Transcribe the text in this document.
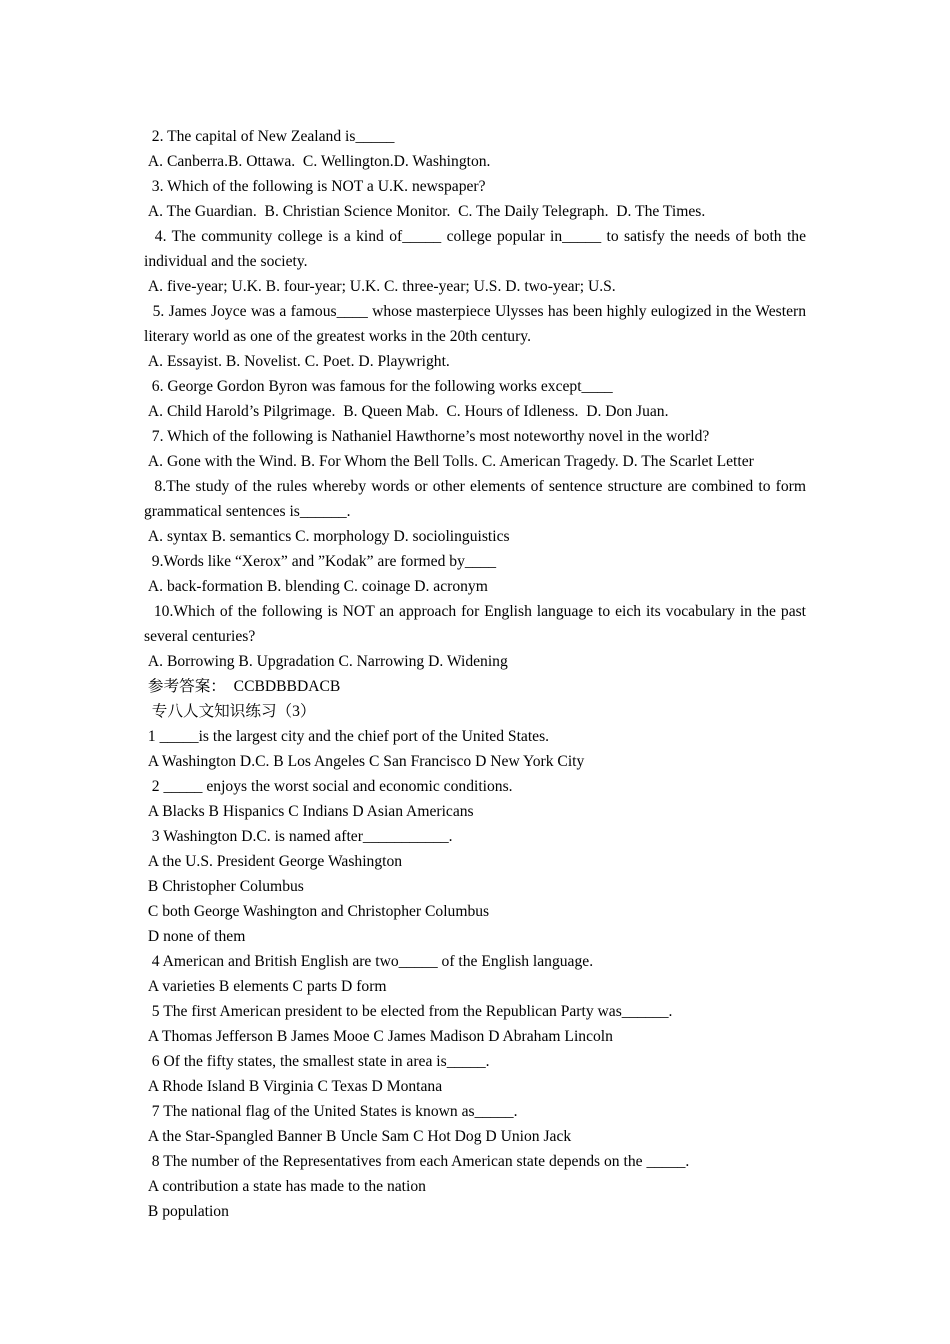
2. The capital of New Zealand is_____

A. Canberra.B. Ottawa.  C. Wellington.D. Washington.

3. Which of the following is NOT a U.K. newspaper?

A. The Guardian.  B. Christian Science Monitor.  C. The Daily Telegraph.  D. The Times.

4. The community college is a kind of_____ college popular in_____ to satisfy the needs of both the individual and the society.

A. five-year; U.K. B. four-year; U.K. C. three-year; U.S. D. two-year; U.S.

5. James Joyce was a famous____ whose masterpiece Ulysses has been highly eulogized in the Western literary world as one of the greatest works in the 20th century.

A. Essayist. B. Novelist. C. Poet. D. Playwright.

6. George Gordon Byron was famous for the following works except____

A. Child Harold’s Pilgrimage.  B. Queen Mab.  C. Hours of Idleness.  D. Don Juan.

7. Which of the following is Nathaniel Hawthorne’s most noteworthy novel in the world?

A. Gone with the Wind. B. For Whom the Bell Tolls. C. American Tragedy. D. The Scarlet Letter

8.The study of the rules whereby words or other elements of sentence structure are combined to form grammatical sentences is______.

A. syntax B. semantics C. morphology D. sociolinguistics

9.Words like “Xerox” and ”Kodak” are formed by____

A. back-formation B. blending C. coinage D. acronym

10.Which of the following is NOT an approach for English language to eich its vocabulary in the past several centuries?

A. Borrowing B. Upgradation C. Narrowing D. Widening

参考答案：  CCBDBBDACB

专八人文知识练习（3）

1 _____is the largest city and the chief port of the United States.

A Washington D.C. B Los Angeles C San Francisco D New York City

2 _____ enjoys the worst social and economic conditions.

A Blacks B Hispanics C Indians D Asian Americans

3 Washington D.C. is named after___________.

A the U.S. President George Washington

B Christopher Columbus

C both George Washington and Christopher Columbus

D none of them

4 American and British English are two_____ of the English language.

A varieties B elements C parts D form

5 The first American president to be elected from the Republican Party was______.

A Thomas Jefferson B James Mooe C James Madison D Abraham Lincoln

6 Of the fifty states, the smallest state in area is_____.

A Rhode Island B Virginia C Texas D Montana

7 The national flag of the United States is known as_____.

A the Star-Spangled Banner B Uncle Sam C Hot Dog D Union Jack

8 The number of the Representatives from each American state depends on the _____.

A contribution a state has made to the nation

B population
